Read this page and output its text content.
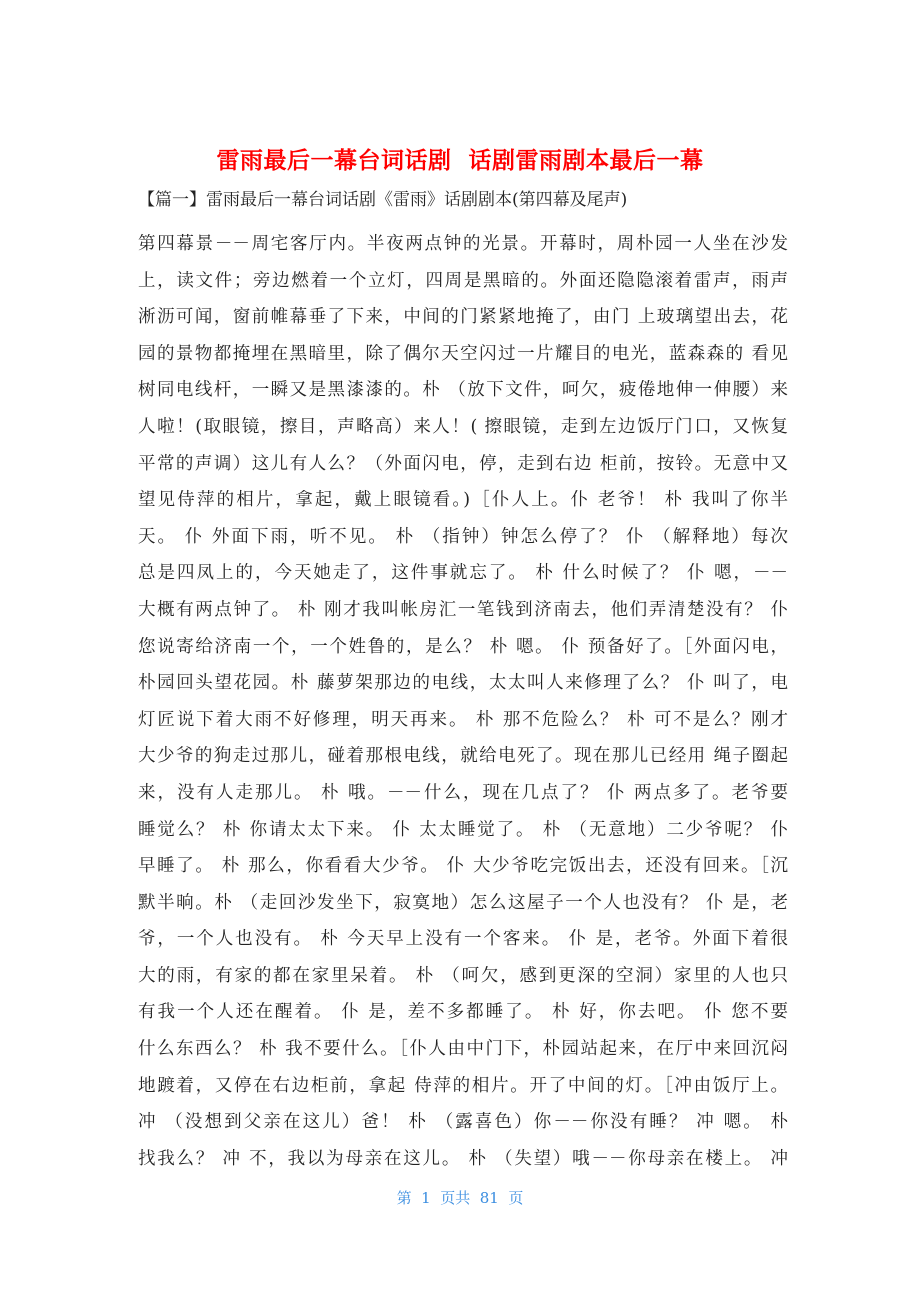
雷雨最后一幕台词话剧  话剧雷雨剧本最后一幕
【篇一】雷雨最后一幕台词话剧《雷雨》话剧剧本(第四幕及尾声)
第四幕景－－周宅客厅内。半夜两点钟的光景。开幕时，周朴园一人坐在沙发
上，读文件；旁边燃着一个立灯，四周是黑暗的。外面还隐隐滚着雷声，雨声
淅沥可闻，窗前帷幕垂了下来，中间的门紧紧地掩了，由门 上玻璃望出去，花
园的景物都掩埋在黑暗里，除了偶尔天空闪过一片耀目的电光，蓝森森的 看见
树同电线杆，一瞬又是黑漆漆的。朴 （放下文件，呵欠，疲倦地伸一伸腰）来
人啦！(取眼镜，擦目，声略高）来人！( 擦眼镜，走到左边饭厅门口，又恢复
平常的声调）这儿有人么？（外面闪电，停，走到右边 柜前，按铃。无意中又
望见侍萍的相片，拿起，戴上眼镜看。)［仆人上。仆 老爷！ 朴 我叫了你半
天。 仆 外面下雨，听不见。 朴 （指钟）钟怎么停了？ 仆 （解释地）每次
总是四凤上的，今天她走了，这件事就忘了。 朴 什么时候了？ 仆 嗯，－－
大概有两点钟了。 朴 刚才我叫帐房汇一笔钱到济南去，他们弄清楚没有？ 仆
您说寄给济南一个，一个姓鲁的，是么？ 朴 嗯。 仆 预备好了。［外面闪电，
朴园回头望花园。朴 藤萝架那边的电线，太太叫人来修理了么？ 仆 叫了，电
灯匠说下着大雨不好修理，明天再来。 朴 那不危险么？ 朴 可不是么？刚才
大少爷的狗走过那儿，碰着那根电线，就给电死了。现在那儿已经用 绳子圈起
来，没有人走那儿。 朴 哦。－－什么，现在几点了？ 仆 两点多了。老爷要
睡觉么？ 朴 你请太太下来。 仆 太太睡觉了。 朴 （无意地）二少爷呢？ 仆
早睡了。 朴 那么，你看看大少爷。 仆 大少爷吃完饭出去，还没有回来。［沉
默半晌。朴 （走回沙发坐下，寂寞地）怎么这屋子一个人也没有？ 仆 是，老
爷，一个人也没有。 朴 今天早上没有一个客来。 仆 是，老爷。外面下着很
大的雨，有家的都在家里呆着。 朴 （呵欠，感到更深的空洞）家里的人也只
有我一个人还在醒着。 仆 是，差不多都睡了。 朴 好，你去吧。 仆 您不要
什么东西么？ 朴 我不要什么。［仆人由中门下，朴园站起来，在厅中来回沉闷
地踱着，又停在右边柜前，拿起 侍萍的相片。开了中间的灯。［冲由饭厅上。
冲 （没想到父亲在这儿）爸！ 朴 （露喜色）你－－你没有睡？ 冲 嗯。 朴
找我么？ 冲 不，我以为母亲在这儿。 朴 （失望）哦－－你母亲在楼上。 冲
第  1  页共  81  页
